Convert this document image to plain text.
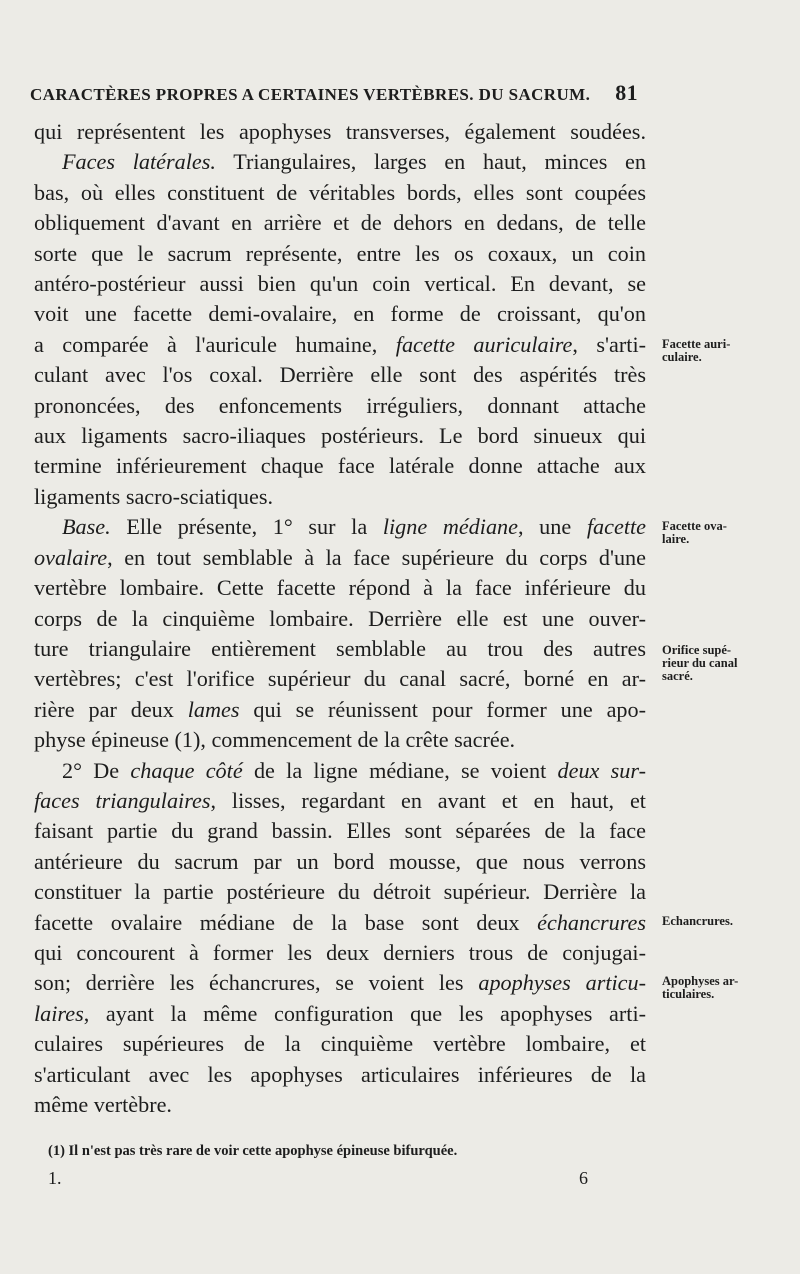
CARACTÈRES PROPRES A CERTAINES VERTÈBRES. DU SACRUM. 81
qui représentent les apophyses transverses, également soudées.
Faces latérales. Triangulaires, larges en haut, minces en
bas, où elles constituent de véritables bords, elles sont coupées
obliquement d'avant en arrière et de dehors en dedans, de telle
sorte que le sacrum représente, entre les os coxaux, un coin
antéro-postérieur aussi bien qu'un coin vertical. En devant, se
voit une facette demi-ovalaire, en forme de croissant, qu'on
a comparée à l'auricule humaine, facette auriculaire, s'arti-
culant avec l'os coxal. Derrière elle sont des aspérités très
prononcées, des enfoncements irréguliers, donnant attache
aux ligaments sacro-iliaques postérieurs. Le bord sinueux qui
termine inférieurement chaque face latérale donne attache aux
ligaments sacro-sciatiques.
Base. Elle présente, 1° sur la ligne médiane, une facette
ovalaire, en tout semblable à la face supérieure du corps d'une
vertèbre lombaire. Cette facette répond à la face inférieure du
corps de la cinquième lombaire. Derrière elle est une ouver-
ture triangulaire entièrement semblable au trou des autres
vertèbres; c'est l'orifice supérieur du canal sacré, borné en ar-
rière par deux lames qui se réunissent pour former une apo-
physe épineuse (1), commencement de la crête sacrée.
2° De chaque côté de la ligne médiane, se voient deux sur-
faces triangulaires, lisses, regardant en avant et en haut, et
faisant partie du grand bassin. Elles sont séparées de la face
antérieure du sacrum par un bord mousse, que nous verrons
constituer la partie postérieure du détroit supérieur. Derrière la
facette ovalaire médiane de la base sont deux échancrures
qui concourent à former les deux derniers trous de conjugai-
son; derrière les échancrures, se voient les apophyses articu-
laires, ayant la même configuration que les apophyses arti-
culaires supérieures de la cinquième vertèbre lombaire, et
s'articulant avec les apophyses articulaires inférieures de la
même vertèbre.
Facette auri-
culaire.
Facette ova-
laire.
Orifice supé-
rieur du canal
sacré.
Echancrures.
Apophyses ar-
ticulaires.
(1) Il n'est pas très rare de voir cette apophyse épineuse bifurquée.
1.	6
